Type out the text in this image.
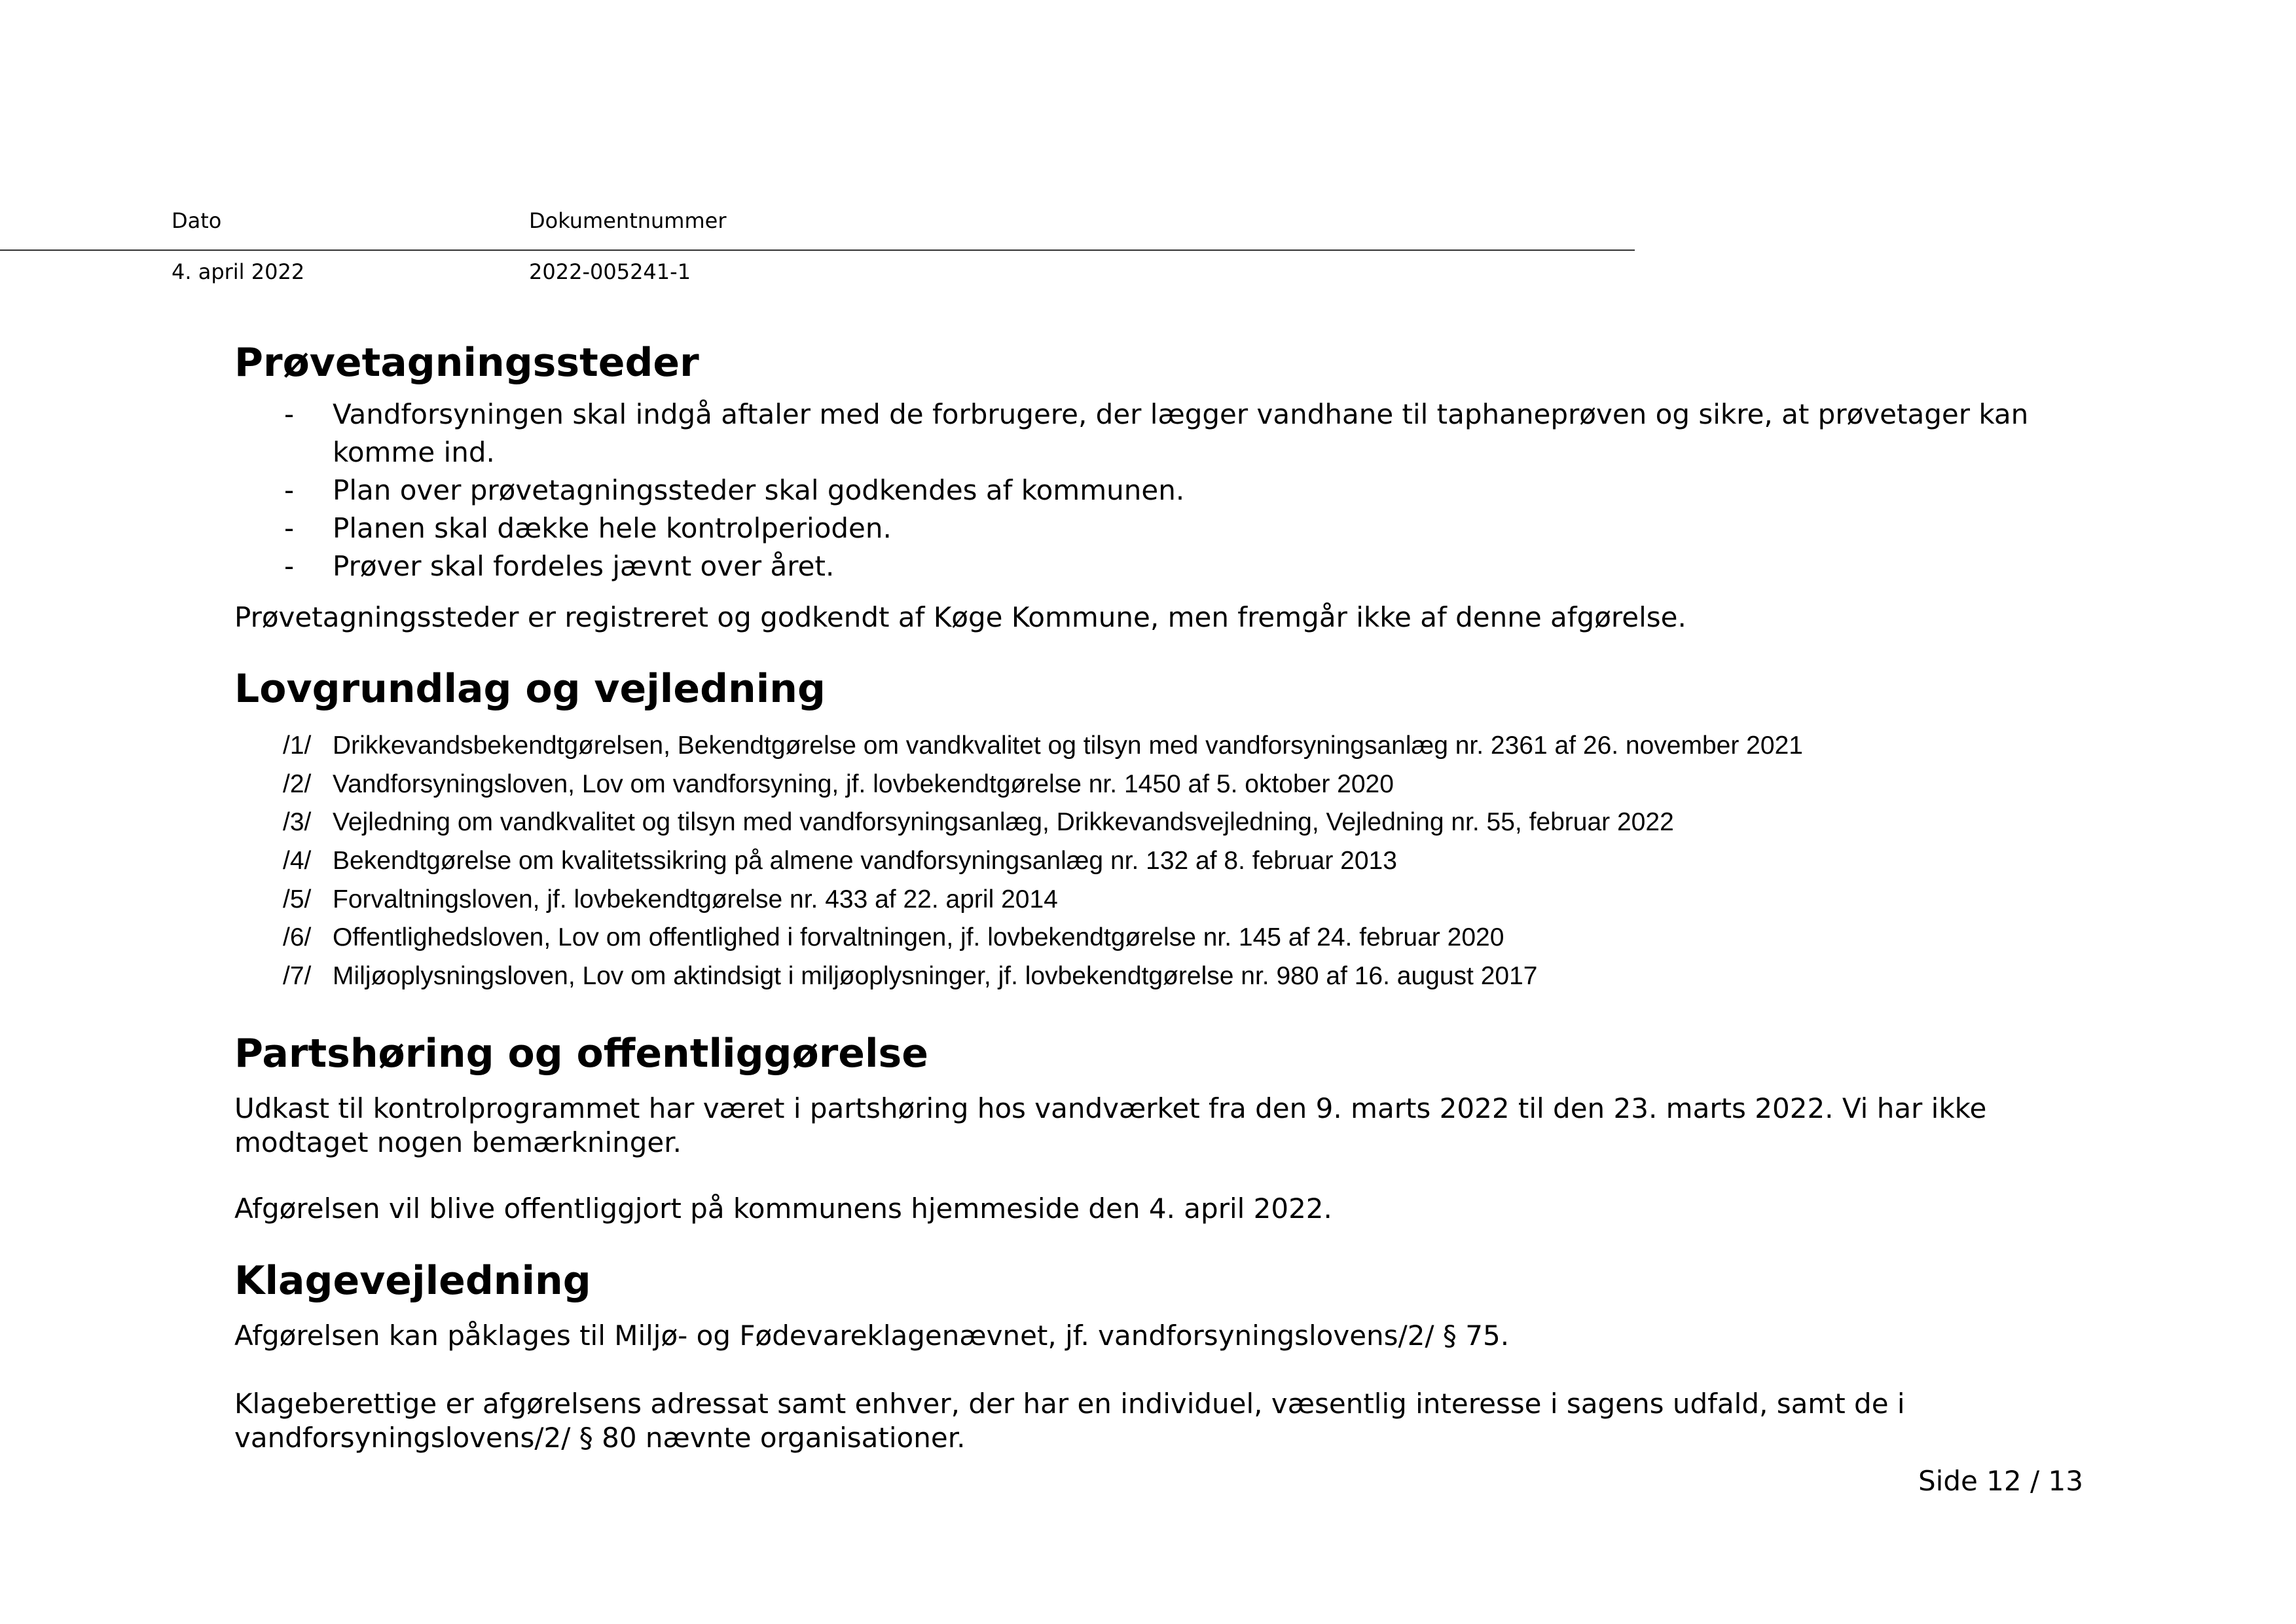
Dato	Dokumentnummer
4. april 2022	2022-005241-1
Prøvetagningssteder
- Vandforsyningen skal indgå aftaler med de forbrugere, der lægger vandhane til taphaneprøven og sikre, at prøvetager kan komme ind.
- Plan over prøvetagningssteder skal godkendes af kommunen.
- Planen skal dække hele kontrolperioden.
- Prøver skal fordeles jævnt over året.
Prøvetagningssteder er registreret og godkendt af Køge Kommune, men fremgår ikke af denne afgørelse.
Lovgrundlag og vejledning
/1/ Drikkevandsbekendtgørelsen, Bekendtgørelse om vandkvalitet og tilsyn med vandforsyningsanlæg nr. 2361 af 26. november 2021
/2/ Vandforsyningsloven, Lov om vandforsyning, jf. lovbekendtgørelse nr. 1450 af 5. oktober 2020
/3/ Vejledning om vandkvalitet og tilsyn med vandforsyningsanlæg, Drikkevandsvejledning, Vejledning nr. 55, februar 2022
/4/ Bekendtgørelse om kvalitetssikring på almene vandforsyningsanlæg nr. 132 af 8. februar 2013
/5/ Forvaltningsloven, jf. lovbekendtgørelse nr. 433 af 22. april 2014
/6/ Offentlighedsloven, Lov om offentlighed i forvaltningen, jf. lovbekendtgørelse nr. 145 af 24. februar 2020
/7/ Miljøoplysningsloven, Lov om aktindsigt i miljøoplysninger, jf. lovbekendtgørelse nr. 980 af 16. august 2017
Partshøring og offentliggørelse
Udkast til kontrolprogrammet har været i partshøring hos vandværket fra den 9. marts 2022 til den 23. marts 2022. Vi har ikke modtaget nogen bemærkninger.
Afgørelsen vil blive offentliggjort på kommunens hjemmeside den 4. april 2022.
Klagevejledning
Afgørelsen kan påklages til Miljø- og Fødevareklagenævnet, jf. vandforsyningslovens/2/ § 75.
Klageberettige er afgørelsens adressat samt enhver, der har en individuel, væsentlig interesse i sagens udfald, samt de i vandforsyningslovens/2/ § 80 nævnte organisationer.
Side 12 / 13
